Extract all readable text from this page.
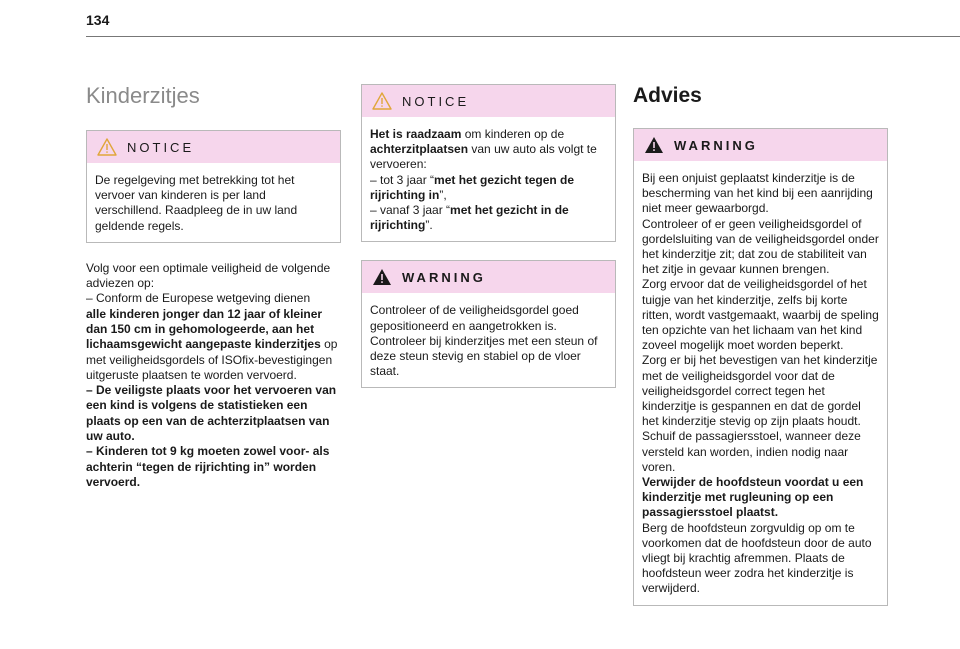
134
Kinderzitjes
NOTICE
De regelgeving met betrekking tot het vervoer van kinderen is per land verschillend. Raadpleeg de in uw land geldende regels.

Volg voor een optimale veiligheid de volgende adviezen op:

– Conform de Europese wetgeving dienen
alle kinderen jonger dan 12 jaar of kleiner dan 150 cm in gehomologeerde, aan het lichaamsgewicht aangepaste kinderzitjes op met veiligheidsgordels of ISOfix-bevestigingen uitgeruste plaatsen te worden vervoerd.

– De veiligste plaats voor het vervoeren van een kind is volgens de statistieken een plaats op een van de achterzitplaatsen van uw auto.

– Kinderen tot 9 kg moeten zowel voor- als achterin “tegen de rijrichting in” worden vervoerd.

NOTICE

Het is raadzaam om kinderen op de achterzitplaatsen van uw auto als volgt te vervoeren:

– tot 3 jaar “met het gezicht tegen de rijrichting in”,

– vanaf 3 jaar “met het gezicht in de rijrichting”.

WARNING
Controleer of de veiligheidsgordel goed gepositioneerd en aangetrokken is. Controleer bij kinderzitjes met een steun of deze steun stevig en stabiel op de vloer staat.
Advies
WARNING

Bij een onjuist geplaatst kinderzitje is de bescherming van het kind bij een aanrijding niet meer gewaarborgd.

Controleer of er geen veiligheidsgordel of gordelsluiting van de veiligheidsgordel onder het kinderzitje zit; dat zou de stabiliteit van het zitje in gevaar kunnen brengen.

Zorg ervoor dat de veiligheidsgordel of het tuigje van het kinderzitje, zelfs bij korte ritten, wordt vastgemaakt, waarbij de speling ten opzichte van het lichaam van het kind zoveel mogelijk moet worden beperkt.

Zorg er bij het bevestigen van het kinderzitje met de veiligheidsgordel voor dat de veiligheidsgordel correct tegen het kinderzitje is gespannen en dat de gordel het kinderzitje stevig op zijn plaats houdt. Schuif de passagiersstoel, wanneer deze versteld kan worden, indien nodig naar voren.

Verwijder de hoofdsteun voordat u een kinderzitje met rugleuning op een passagiersstoel plaatst.

Berg de hoofdsteun zorgvuldig op om te voorkomen dat de hoofdsteun door de auto vliegt bij krachtig afremmen. Plaats de hoofdsteun weer zodra het kinderzitje is verwijderd.
